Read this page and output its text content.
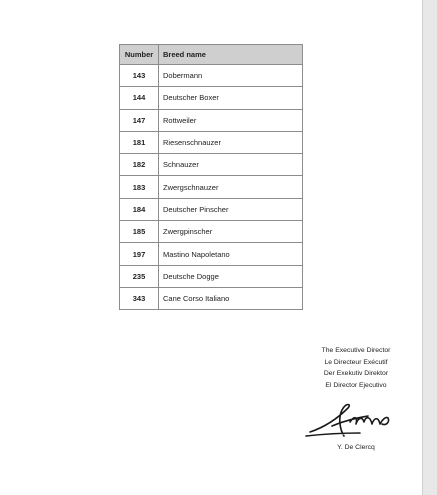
Number	Breed name
143	Dobermann
144	Deutscher Boxer
147	Rottweiler
181	Riesenschnauzer
182	Schnauzer
183	Zwergschnauzer
184	Deutscher Pinscher
185	Zwergpinscher
197	Mastino Napoletano
235	Deutsche Dogge
343	Cane Corso Italiano
The Executive Director
Le Directeur Exécutif
Der Exekutiv Direktor
El Director Ejecutivo
Y. De Clercq
